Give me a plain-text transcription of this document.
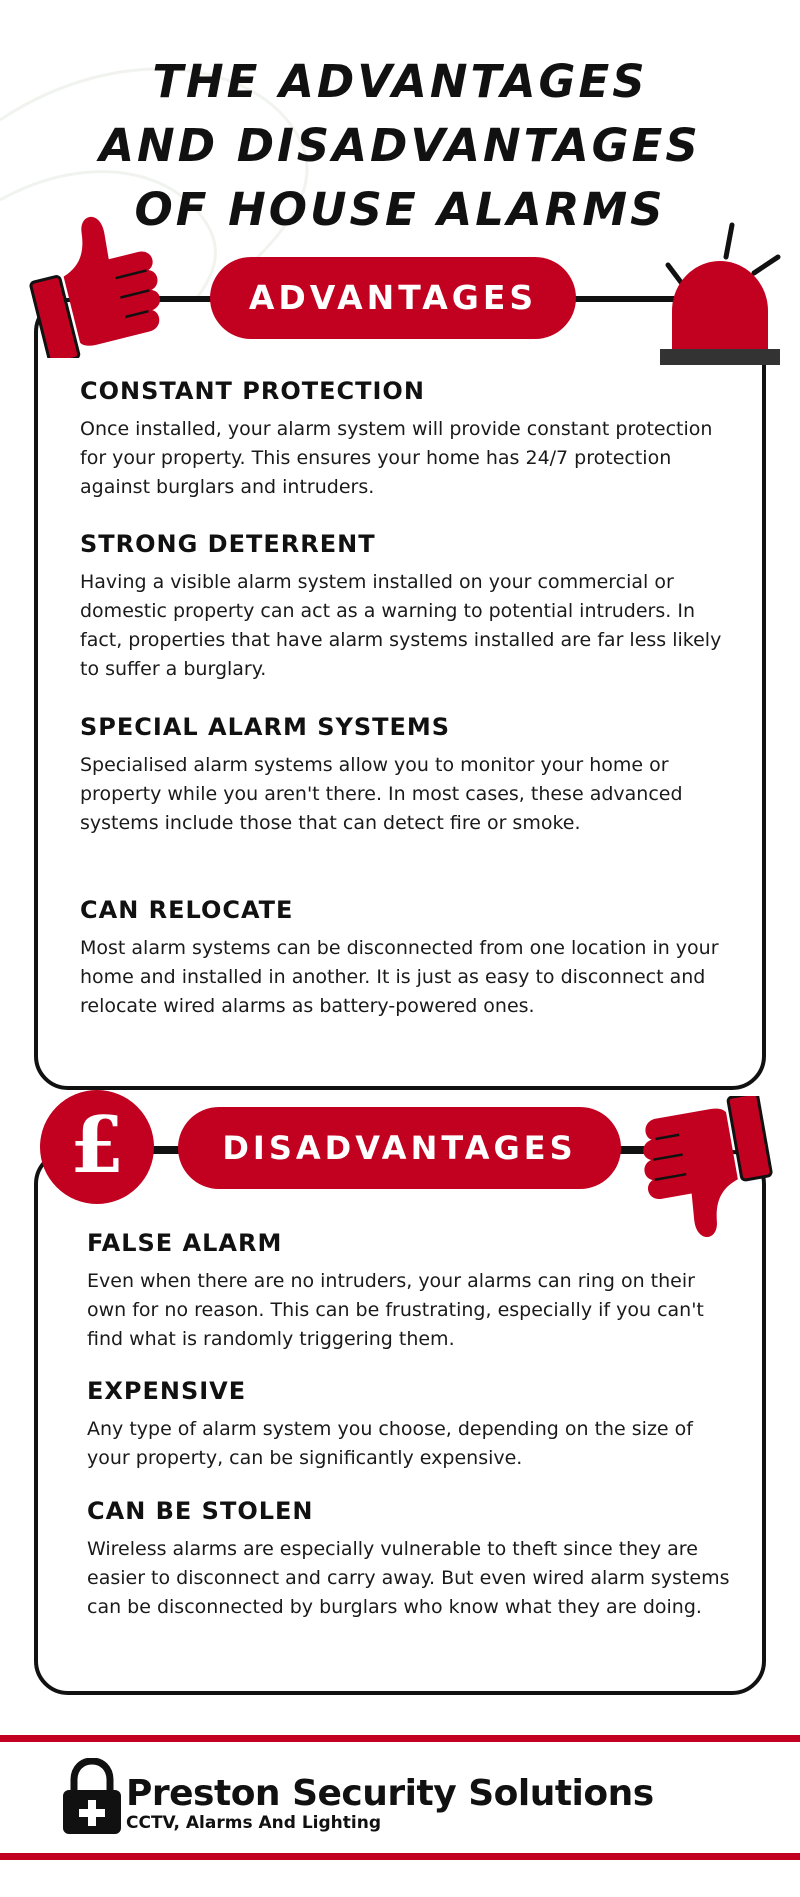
THE ADVANTAGES
AND DISADVANTAGES
OF HOUSE ALARMS
ADVANTAGES
CONSTANT PROTECTION

Once installed, your alarm system will provide constant protection for your property. This ensures your home has 24/7 protection against burglars and intruders.

STRONG DETERRENT

Having a visible alarm system installed on your commercial or domestic property can act as a warning to potential intruders. In fact, properties that have alarm systems installed are far less likely to suffer a burglary.

SPECIAL ALARM SYSTEMS

Specialised alarm systems allow you to monitor your home or property while you aren't there. In most cases, these advanced systems include those that can detect fire or smoke.

CAN RELOCATE

Most alarm systems can be disconnected from one location in your home and installed in another. It is just as easy to disconnect and relocate wired alarms as battery-powered ones.

DISADVANTAGES
£
FALSE ALARM

Even when there are no intruders, your alarms can ring on their own for no reason. This can be frustrating, especially if you can't find what is randomly triggering them.

EXPENSIVE

Any type of alarm system you choose, depending on the size of your property, can be significantly expensive.

CAN BE STOLEN

Wireless alarms are especially vulnerable to theft since they are easier to disconnect and carry away. But even wired alarm systems can be disconnected by burglars who know what they are doing.

Preston Security Solutions
CCTV, Alarms And Lighting
